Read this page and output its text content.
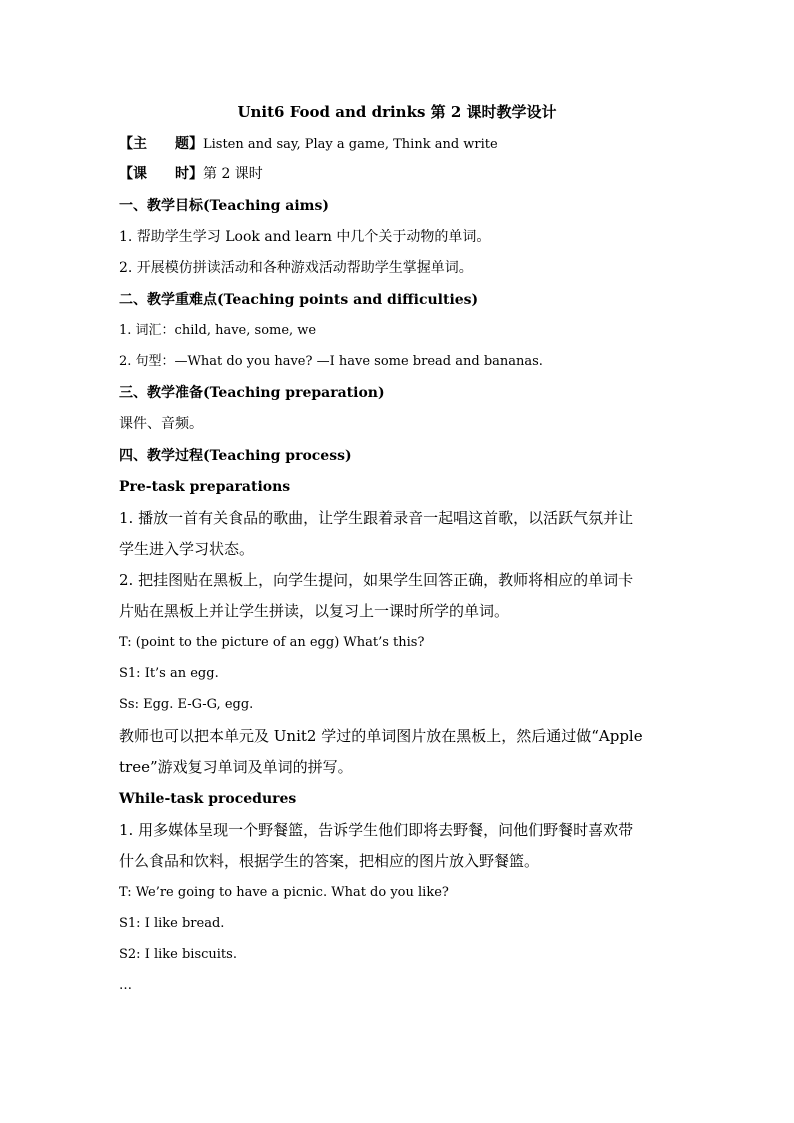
Unit6 Food and drinks 第 2 课时教学设计
【主 题】Listen and say, Play a game, Think and write
【课 时】第 2 课时
一、教学目标(Teaching aims)
1. 帮助学生学习 Look and learn 中几个关于动物的单词。
2. 开展模仿拼读活动和各种游戏活动帮助学生掌握单词。
二、教学重难点(Teaching points and difficulties)
1. 词汇：child, have, some, we
2. 句型：—What do you have? —I have some bread and bananas.
三、教学准备(Teaching preparation)
课件、音频。
四、教学过程(Teaching process)
Pre-task preparations
1. 播放一首有关食品的歌曲，让学生跟着录音一起唱这首歌，以活跃气氛并让
学生进入学习状态。
2. 把挂图贴在黑板上，向学生提问，如果学生回答正确，教师将相应的单词卡
片贴在黑板上并让学生拼读，以复习上一课时所学的单词。
T: (point to the picture of an egg) What’s this?
S1: It’s an egg.
Ss: Egg. E-G-G, egg.
教师也可以把本单元及 Unit2 学过的单词图片放在黑板上，然后通过做“Apple
tree”游戏复习单词及单词的拼写。
While-task procedures
1. 用多媒体呈现一个野餐篮，告诉学生他们即将去野餐，问他们野餐时喜欢带
什么食品和饮料，根据学生的答案，把相应的图片放入野餐篮。
T: We’re going to have a picnic. What do you like?
S1: I like bread.
S2: I like biscuits.
…
